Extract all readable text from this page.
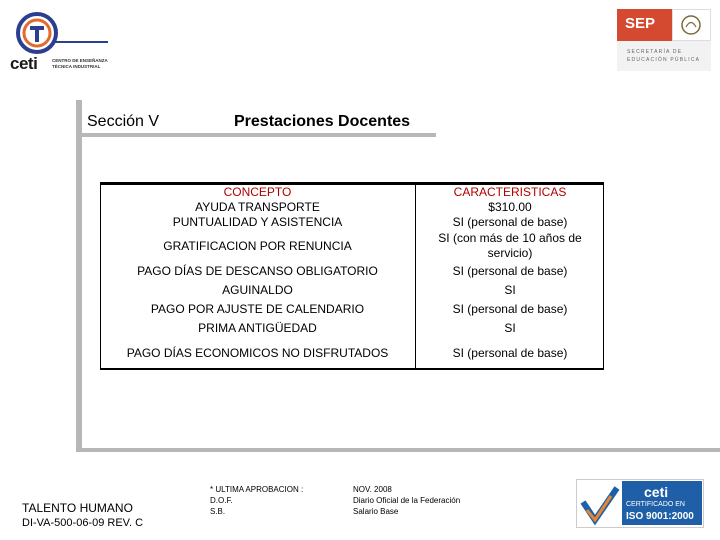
ceti	CENTRO DE ENSEÑANZA
TÉCNICA INDUSTRIAL
SEP
SECRETARÍA DE
EDUCACIÓN PÚBLICA
Sección V	Prestaciones Docentes
CONCEPTO	CARACTERISTICAS
AYUDA TRANSPORTE	$310.00
PUNTUALIDAD Y ASISTENCIA	SI (personal de base)
GRATIFICACION POR RENUNCIA	SI (con más de 10 años de servicio)
PAGO DÍAS DE DESCANSO OBLIGATORIO	SI (personal de base)
AGUINALDO	SI
PAGO POR AJUSTE DE CALENDARIO	SI (personal de base)
PRIMA ANTIGÜEDAD	SI
PAGO DÍAS ECONOMICOS NO DISFRUTADOS	SI (personal de base)
TALENTO HUMANO
DI-VA-500-06-09 REV. C
* ULTIMA APROBACION :
D.O.F.
S.B.
NOV. 2008
Diario Oficial de la Federación
Salario Base
ceti
CERTIFICADO EN
ISO 9001:2000
